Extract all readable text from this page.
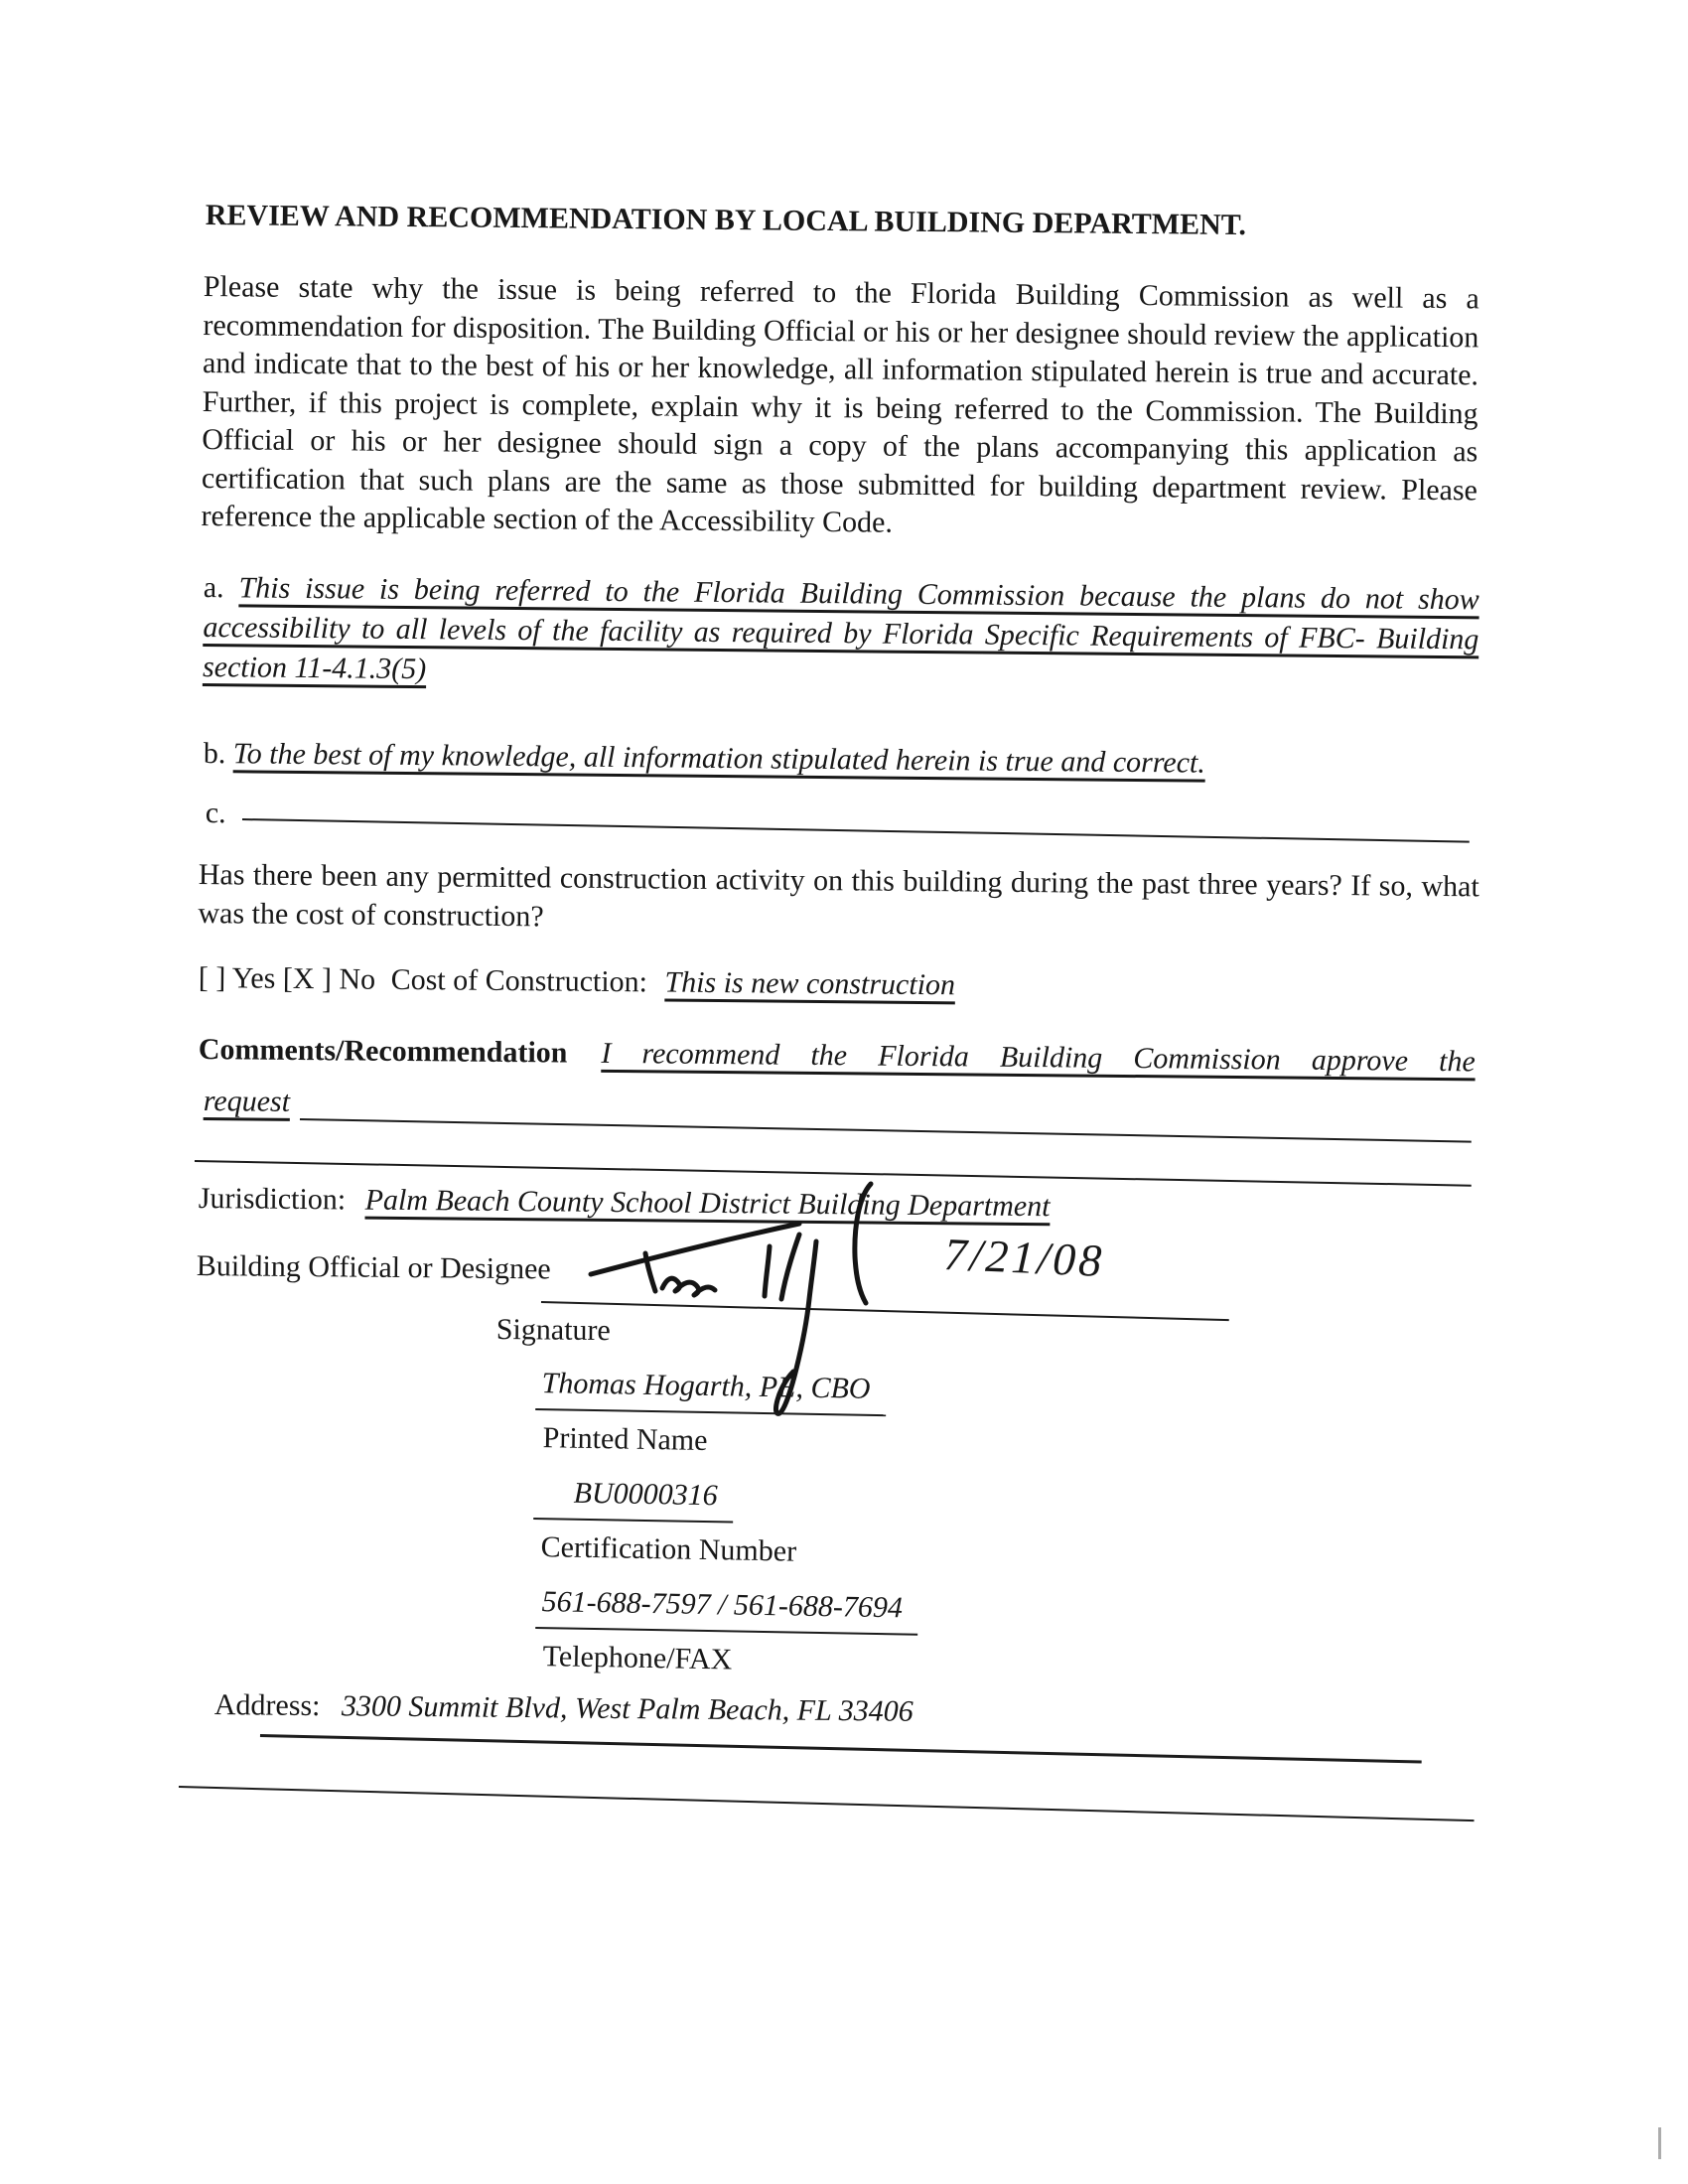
REVIEW AND RECOMMENDATION BY LOCAL BUILDING DEPARTMENT.
Please state why the issue is being referred to the Florida Building Commission as well as a recommendation for disposition. The Building Official or his or her designee should review the application and indicate that to the best of his or her knowledge, all information stipulated herein is true and accurate. Further, if this project is complete, explain why it is being referred to the Commission. The Building Official or his or her designee should sign a copy of the plans accompanying this application as certification that such plans are the same as those submitted for building department review. Please reference the applicable section of the Accessibility Code.
a. This issue is being referred to the Florida Building Commission because the plans do not show accessibility to all levels of the facility as required by Florida Specific Requirements of FBC- Building section 11-4.1.3(5)
b. To the best of my knowledge, all information stipulated herein is true and correct.
c.
Has there been any permitted construction activity on this building during the past three years? If so, what was the cost of construction?
[ ] Yes [X ] No Cost of Construction: This is new construction
Comments/Recommendation I recommend the Florida Building Commission approve the
request
Jurisdiction: Palm Beach County School District Building Department
Building Official or Designee
Signature
7/21/08
Thomas Hogarth, PE, CBO
Printed Name
BU0000316
Certification Number
561-688-7597 / 561-688-7694
Telephone/FAX
Address: 3300 Summit Blvd, West Palm Beach, FL 33406
